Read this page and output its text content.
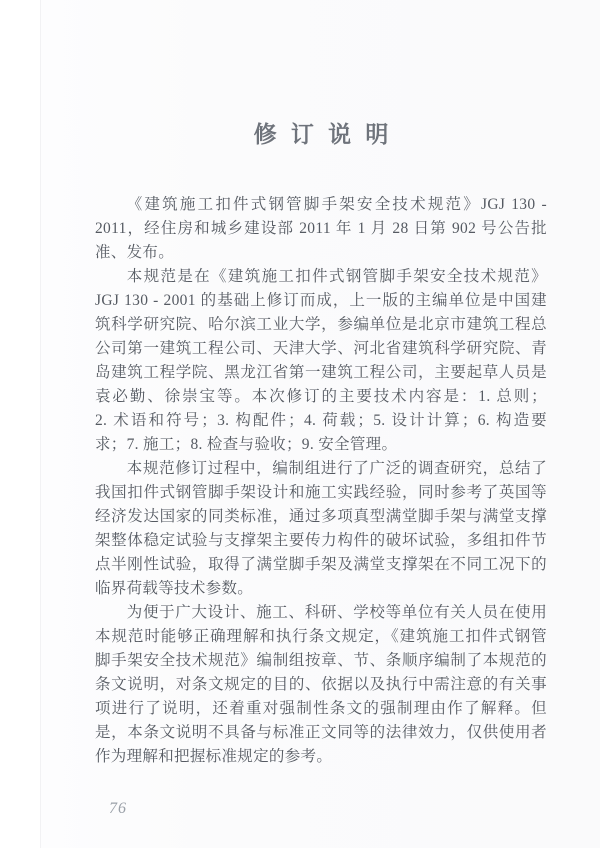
修订说明
《建筑施工扣件式钢管脚手架安全技术规范》JGJ 130 -
2011，经住房和城乡建设部 2011 年 1 月 28 日第 902 号公告批
准、发布。
本规范是在《建筑施工扣件式钢管脚手架安全技术规范》
JGJ 130 - 2001 的基础上修订而成，上一版的主编单位是中国建
筑科学研究院、哈尔滨工业大学，参编单位是北京市建筑工程总
公司第一建筑工程公司、天津大学、河北省建筑科学研究院、青
岛建筑工程学院、黑龙江省第一建筑工程公司，主要起草人员是
袁必勤、徐崇宝等。本次修订的主要技术内容是：1. 总则；
2. 术语和符号；3. 构配件；4. 荷载；5. 设计计算；6. 构造要
求；7. 施工；8. 检查与验收；9. 安全管理。
本规范修订过程中，编制组进行了广泛的调查研究，总结了
我国扣件式钢管脚手架设计和施工实践经验，同时参考了英国等
经济发达国家的同类标准，通过多项真型满堂脚手架与满堂支撑
架整体稳定试验与支撑架主要传力构件的破坏试验，多组扣件节
点半刚性试验，取得了满堂脚手架及满堂支撑架在不同工况下的
临界荷载等技术参数。
为便于广大设计、施工、科研、学校等单位有关人员在使用
本规范时能够正确理解和执行条文规定，《建筑施工扣件式钢管
脚手架安全技术规范》编制组按章、节、条顺序编制了本规范的
条文说明，对条文规定的目的、依据以及执行中需注意的有关事
项进行了说明，还着重对强制性条文的强制理由作了解释。但
是，本条文说明不具备与标准正文同等的法律效力，仅供使用者
作为理解和把握标准规定的参考。
76
